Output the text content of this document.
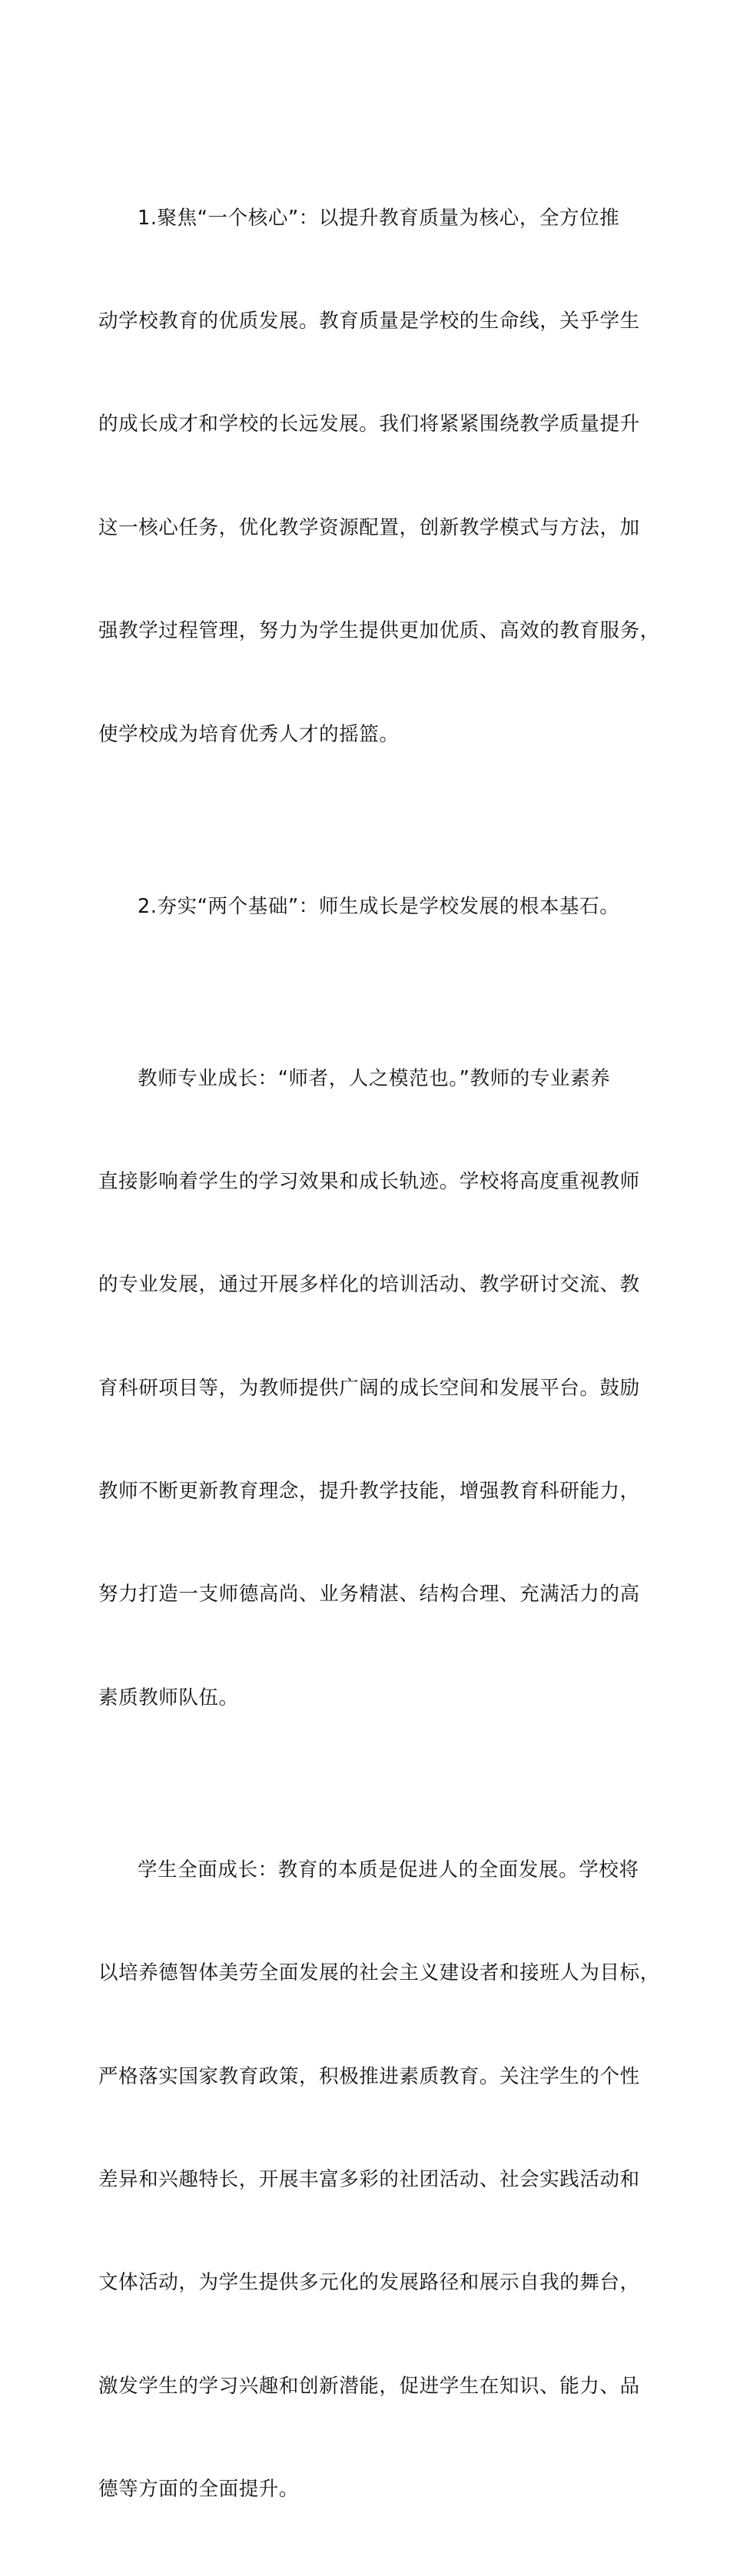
1.聚焦“一个核心”：以提升教育质量为核心，全方位推

动学校教育的优质发展。教育质量是学校的生命线，关乎学生

的成长成才和学校的长远发展。我们将紧紧围绕教学质量提升

这一核心任务，优化教学资源配置，创新教学模式与方法，加

强教学过程管理，努力为学生提供更加优质、高效的教育服务，

使学校成为培育优秀人才的摇篮。

2.夯实“两个基础”：师生成长是学校发展的根本基石。

教师专业成长：“师者，人之模范也。”教师的专业素养

直接影响着学生的学习效果和成长轨迹。学校将高度重视教师

的专业发展，通过开展多样化的培训活动、教学研讨交流、教

育科研项目等，为教师提供广阔的成长空间和发展平台。鼓励

教师不断更新教育理念，提升教学技能，增强教育科研能力，

努力打造一支师德高尚、业务精湛、结构合理、充满活力的高

素质教师队伍。

学生全面成长：教育的本质是促进人的全面发展。学校将

以培养德智体美劳全面发展的社会主义建设者和接班人为目标，

严格落实国家教育政策，积极推进素质教育。关注学生的个性

差异和兴趣特长，开展丰富多彩的社团活动、社会实践活动和

文体活动，为学生提供多元化的发展路径和展示自我的舞台，

激发学生的学习兴趣和创新潜能，促进学生在知识、能力、品

德等方面的全面提升。
